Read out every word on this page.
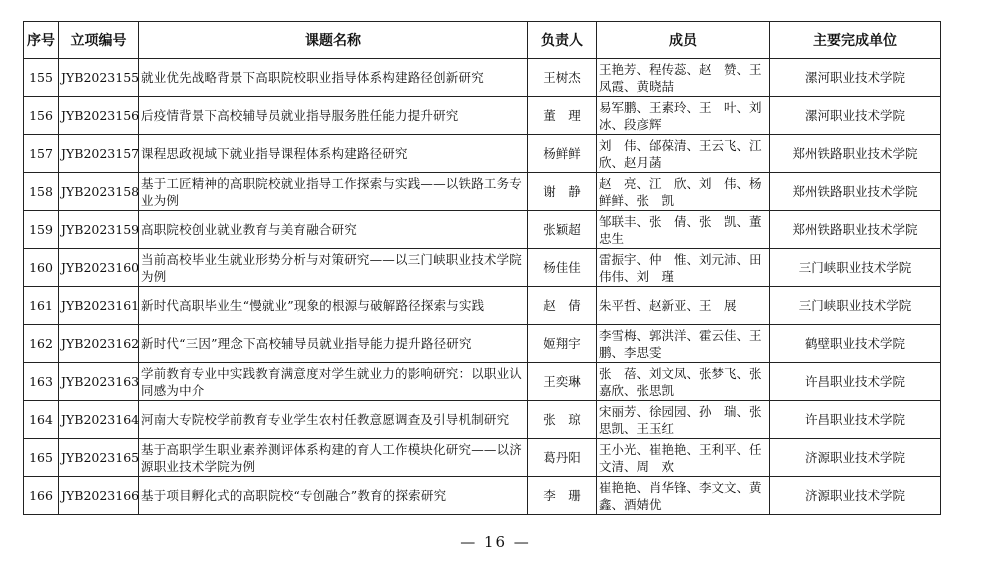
序号	立项编号	课题名称	负责人	成员	主要完成单位
155	JYB2023155	就业优先战略背景下高职院校职业指导体系构建路径创新研究	王树杰	王艳芳、程传蕊、赵　赞、王凤霞、黄晓喆	漯河职业技术学院
156	JYB2023156	后疫情背景下高校辅导员就业指导服务胜任能力提升研究	董　理	易军鹏、王素玲、王　叶、刘　冰、段彦辉	漯河职业技术学院
157	JYB2023157	课程思政视域下就业指导课程体系构建路径研究	杨鲜鲜	刘　伟、邰葆清、王云飞、江　欣、赵月菡	郑州铁路职业技术学院
158	JYB2023158	基于工匠精神的高职院校就业指导工作探索与实践——以铁路工务专业为例	谢　静	赵　亮、江　欣、刘　伟、杨鲜鲜、张　凯	郑州铁路职业技术学院
159	JYB2023159	高职院校创业就业教育与美育融合研究	张颖超	邹联丰、张　倩、张　凯、董忠生	郑州铁路职业技术学院
160	JYB2023160	当前高校毕业生就业形势分析与对策研究——以三门峡职业技术学院为例	杨佳佳	雷振宇、仲　惟、刘元沛、田伟伟、刘　瑾	三门峡职业技术学院
161	JYB2023161	新时代高职毕业生“慢就业”现象的根源与破解路径探索与实践	赵　倩	朱平哲、赵新亚、王　展	三门峡职业技术学院
162	JYB2023162	新时代“三因”理念下高校辅导员就业指导能力提升路径研究	姬翔宇	李雪梅、郭洪洋、霍云佳、王　鹏、李思雯	鹤壁职业技术学院
163	JYB2023163	学前教育专业中实践教育满意度对学生就业力的影响研究：以职业认同感为中介	王奕琳	张　蓓、刘文凤、张梦飞、张嘉欣、张思凯	许昌职业技术学院
164	JYB2023164	河南大专院校学前教育专业学生农村任教意愿调查及引导机制研究	张　琼	宋丽芳、徐园园、孙　瑞、张思凯、王玉红	许昌职业技术学院
165	JYB2023165	基于高职学生职业素养测评体系构建的育人工作模块化研究——以济源职业技术学院为例	葛丹阳	王小光、崔艳艳、王利平、任文清、周　欢	济源职业技术学院
166	JYB2023166	基于项目孵化式的高职院校“专创融合”教育的探索研究	李　珊	崔艳艳、肖华锋、李文文、黄　鑫、酒婧优	济源职业技术学院
— 16 —
